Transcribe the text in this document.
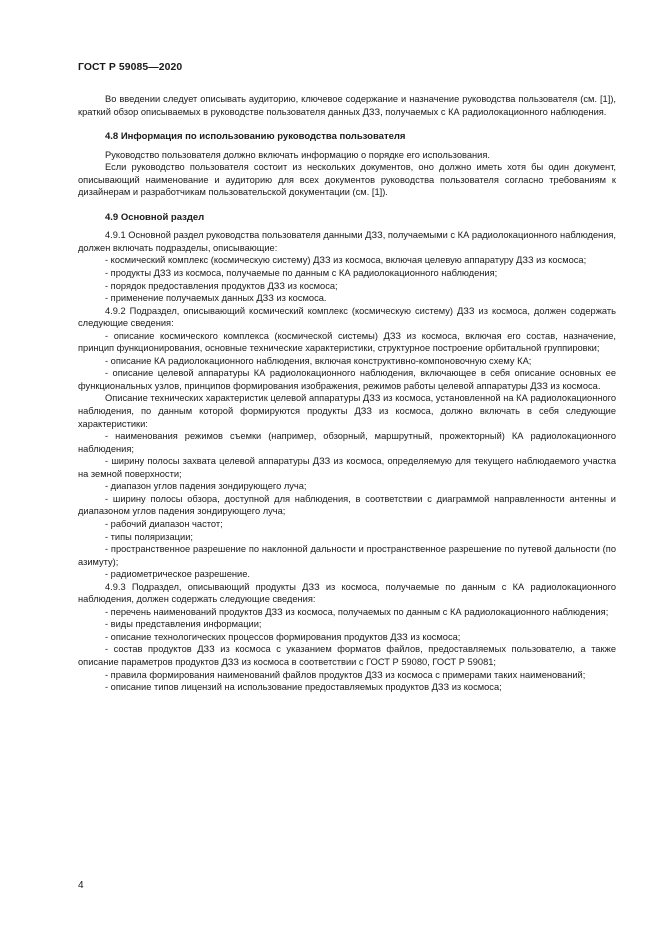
ГОСТ Р 59085—2020

Во введении следует описывать аудиторию, ключевое содержание и назначение руководства пользователя (см. [1]), краткий обзор описываемых в руководстве пользователя данных ДЗЗ, получаемых с КА радиолокационного наблюдения.

4.8 Информация по использованию руководства пользователя

Руководство пользователя должно включать информацию о порядке его использования.

Если руководство пользователя состоит из нескольких документов, оно должно иметь хотя бы один документ, описывающий наименование и аудиторию для всех документов руководства пользователя согласно требованиям к дизайнерам и разработчикам пользовательской документации (см. [1]).

4.9 Основной раздел

4.9.1 Основной раздел руководства пользователя данными ДЗЗ, получаемыми с КА радиолокационного наблюдения, должен включать подразделы, описывающие:

- космический комплекс (космическую систему) ДЗЗ из космоса, включая целевую аппаратуру ДЗЗ из космоса;

- продукты ДЗЗ из космоса, получаемые по данным с КА радиолокационного наблюдения;

- порядок предоставления продуктов ДЗЗ из космоса;

- применение получаемых данных ДЗЗ из космоса.

4.9.2 Подраздел, описывающий космический комплекс (космическую систему) ДЗЗ из космоса, должен содержать следующие сведения:

- описание космического комплекса (космической системы) ДЗЗ из космоса, включая его состав, назначение, принцип функционирования, основные технические характеристики, структурное построение орбитальной группировки;

- описание КА радиолокационного наблюдения, включая конструктивно-компоновочную схему КА;

- описание целевой аппаратуры КА радиолокационного наблюдения, включающее в себя описание основных ее функциональных узлов, принципов формирования изображения, режимов работы целевой аппаратуры ДЗЗ из космоса.

Описание технических характеристик целевой аппаратуры ДЗЗ из космоса, установленной на КА радиолокационного наблюдения, по данным которой формируются продукты ДЗЗ из космоса, должно включать в себя следующие характеристики:

- наименования режимов съемки (например, обзорный, маршрутный, прожекторный) КА радиолокационного наблюдения;

- ширину полосы захвата целевой аппаратуры ДЗЗ из космоса, определяемую для текущего наблюдаемого участка на земной поверхности;

- диапазон углов падения зондирующего луча;

- ширину полосы обзора, доступной для наблюдения, в соответствии с диаграммой направленности антенны и диапазоном углов падения зондирующего луча;

- рабочий диапазон частот;

- типы поляризации;

- пространственное разрешение по наклонной дальности и пространственное разрешение по путевой дальности (по азимуту);

- радиометрическое разрешение.

4.9.3 Подраздел, описывающий продукты ДЗЗ из космоса, получаемые по данным с КА радиолокационного наблюдения, должен содержать следующие сведения:

- перечень наименований продуктов ДЗЗ из космоса, получаемых по данным с КА радиолокационного наблюдения;

- виды представления информации;

- описание технологических процессов формирования продуктов ДЗЗ из космоса;

- состав продуктов ДЗЗ из космоса с указанием форматов файлов, предоставляемых пользователю, а также описание параметров продуктов ДЗЗ из космоса в соответствии с ГОСТ Р 59080, ГОСТ Р 59081;

- правила формирования наименований файлов продуктов ДЗЗ из космоса с примерами таких наименований;

- описание типов лицензий на использование предоставляемых продуктов ДЗЗ из космоса;

4
